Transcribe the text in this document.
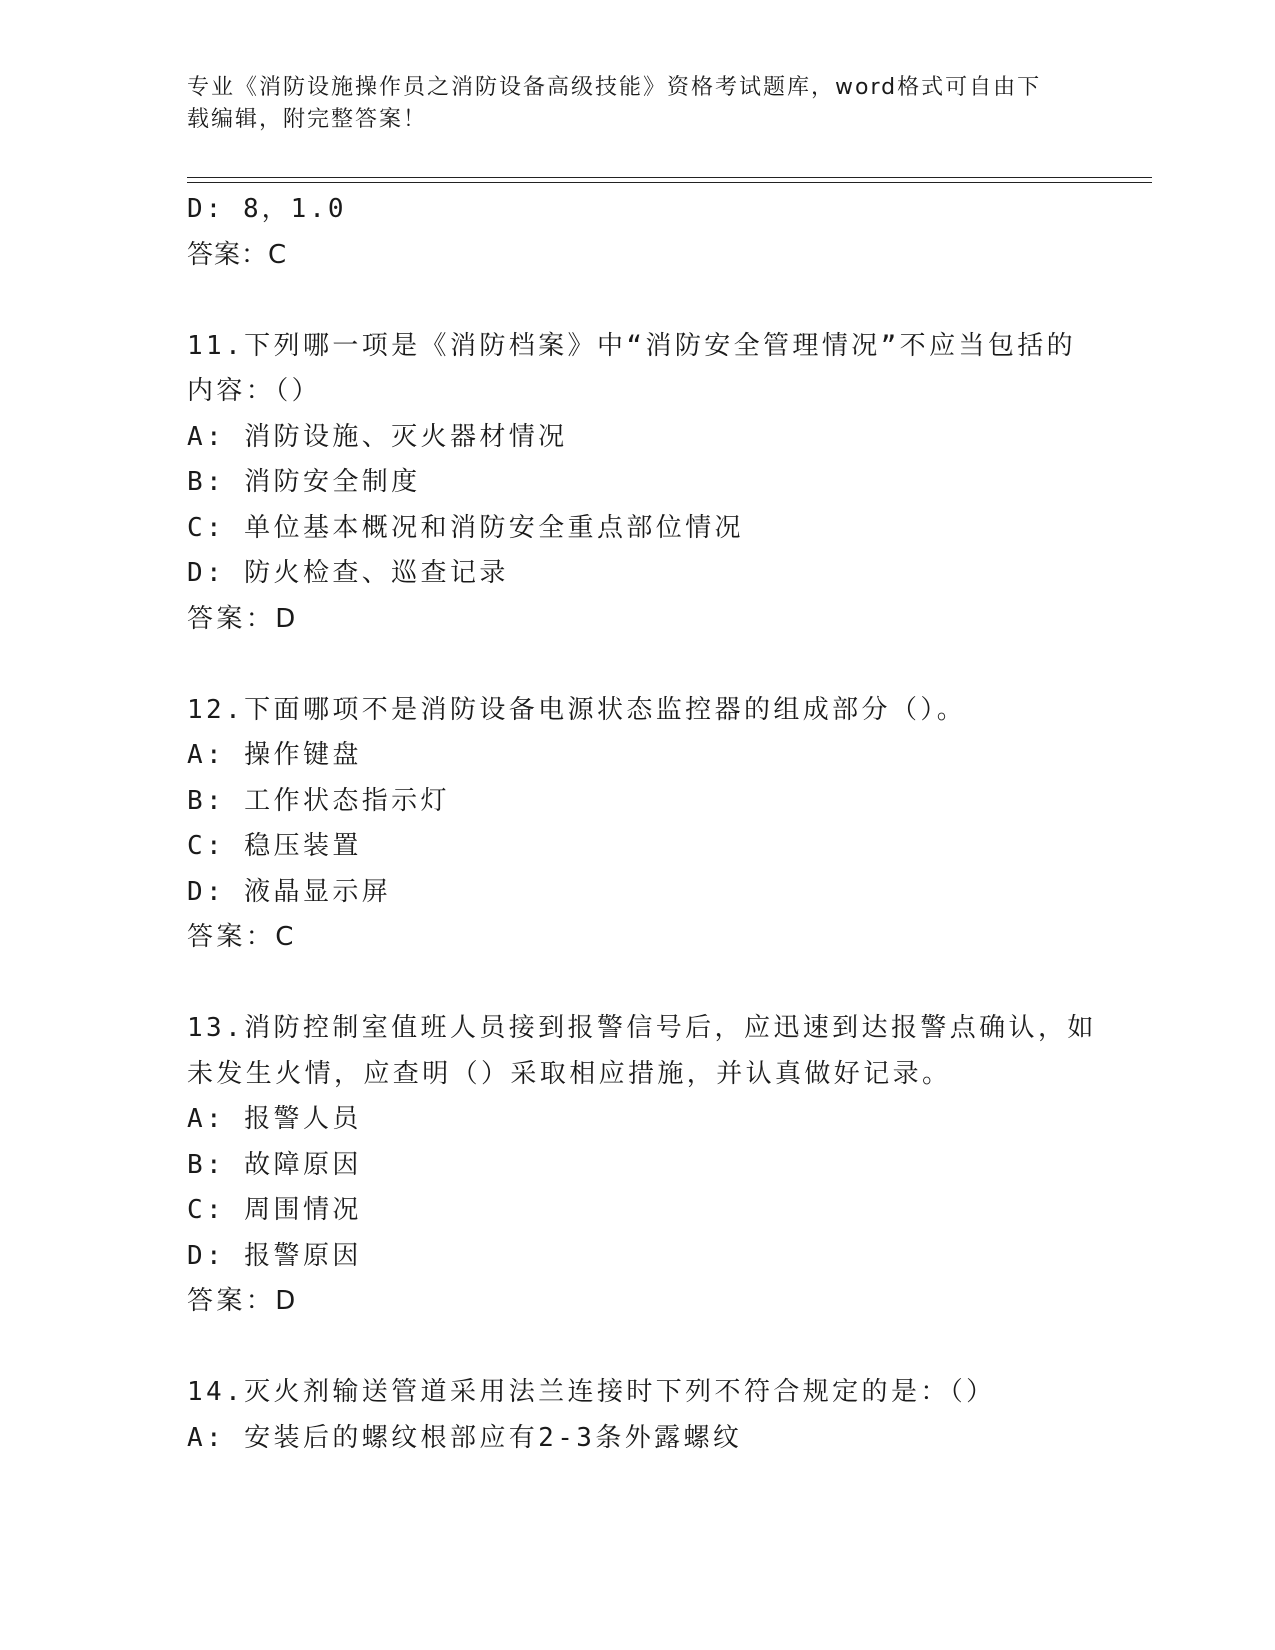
专业《消防设施操作员之消防设备高级技能》资格考试题库，word格式可自由下
载编辑，附完整答案！
D: 8，1.0
答案：C
11.下列哪一项是《消防档案》中“消防安全管理情况”不应当包括的
内容：（）
A: 消防设施、灭火器材情况
B: 消防安全制度
C: 单位基本概况和消防安全重点部位情况
D: 防火检查、巡查记录
答案：D
12.下面哪项不是消防设备电源状态监控器的组成部分（）。
A: 操作键盘
B: 工作状态指示灯
C: 稳压装置
D: 液晶显示屏
答案：C
13.消防控制室值班人员接到报警信号后，应迅速到达报警点确认，如
未发生火情，应查明（）采取相应措施，并认真做好记录。
A: 报警人员
B: 故障原因
C: 周围情况
D: 报警原因
答案：D
14.灭火剂输送管道采用法兰连接时下列不符合规定的是：（）
A: 安装后的螺纹根部应有2-3条外露螺纹
